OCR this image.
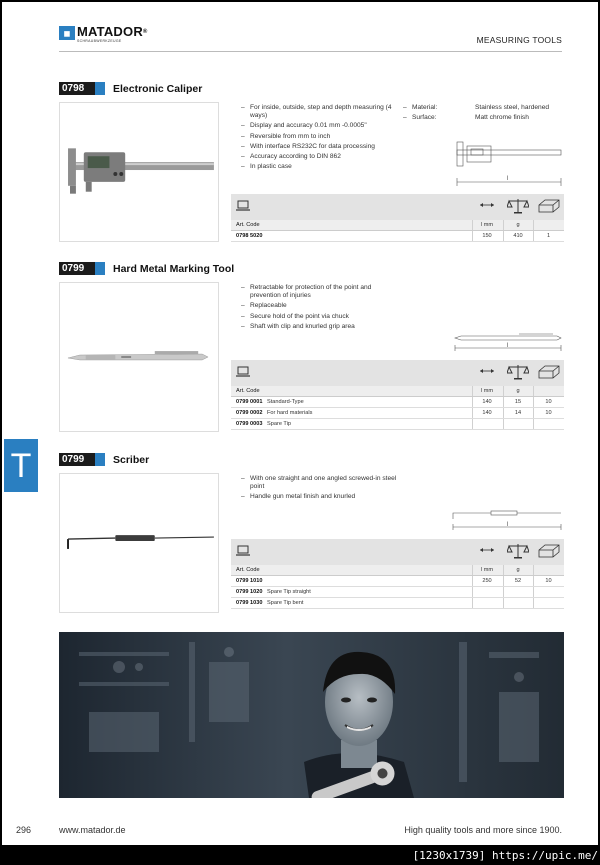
◼ MATADOR®
SCHRAUBWERKZEUGE	MEASURING TOOLS
0798	Electronic Caliper
– For inside, outside, step and depth measuring (4 ways)
– Display and accuracy 0.01 mm -0.0005"
– Reversible from mm to inch
– With interface RS232C for data processing
– Accuracy according to DIN 862
– In plastic case
– Material:	Stainless steel, hardened
– Surface:	Matt chrome finish
l
Art. Code	l mm	g
0798 5020	150	410	1
0799	Hard Metal Marking Tool
– Retractable for protection of the point and prevention of injuries
– Replaceable
– Secure hold of the point via chuck
– Shaft with clip and knurled grip area
l
Art. Code	l mm	g
0799 0001 Standard-Type	140	15	10
0799 0002 For hard materials	140	14	10
0799 0003 Spare Tip
0799	Scriber
– With one straight and one angled screwed-in steel point
– Handle gun metal finish and knurled
l
Art. Code	l mm	g
0799 1010	250	52	10
0799 1020 Spare Tip straight
0799 1030 Spare Tip bent
T
296	www.matador.de	High quality tools and more since 1900.
[1230x1739] https://upic.me/
